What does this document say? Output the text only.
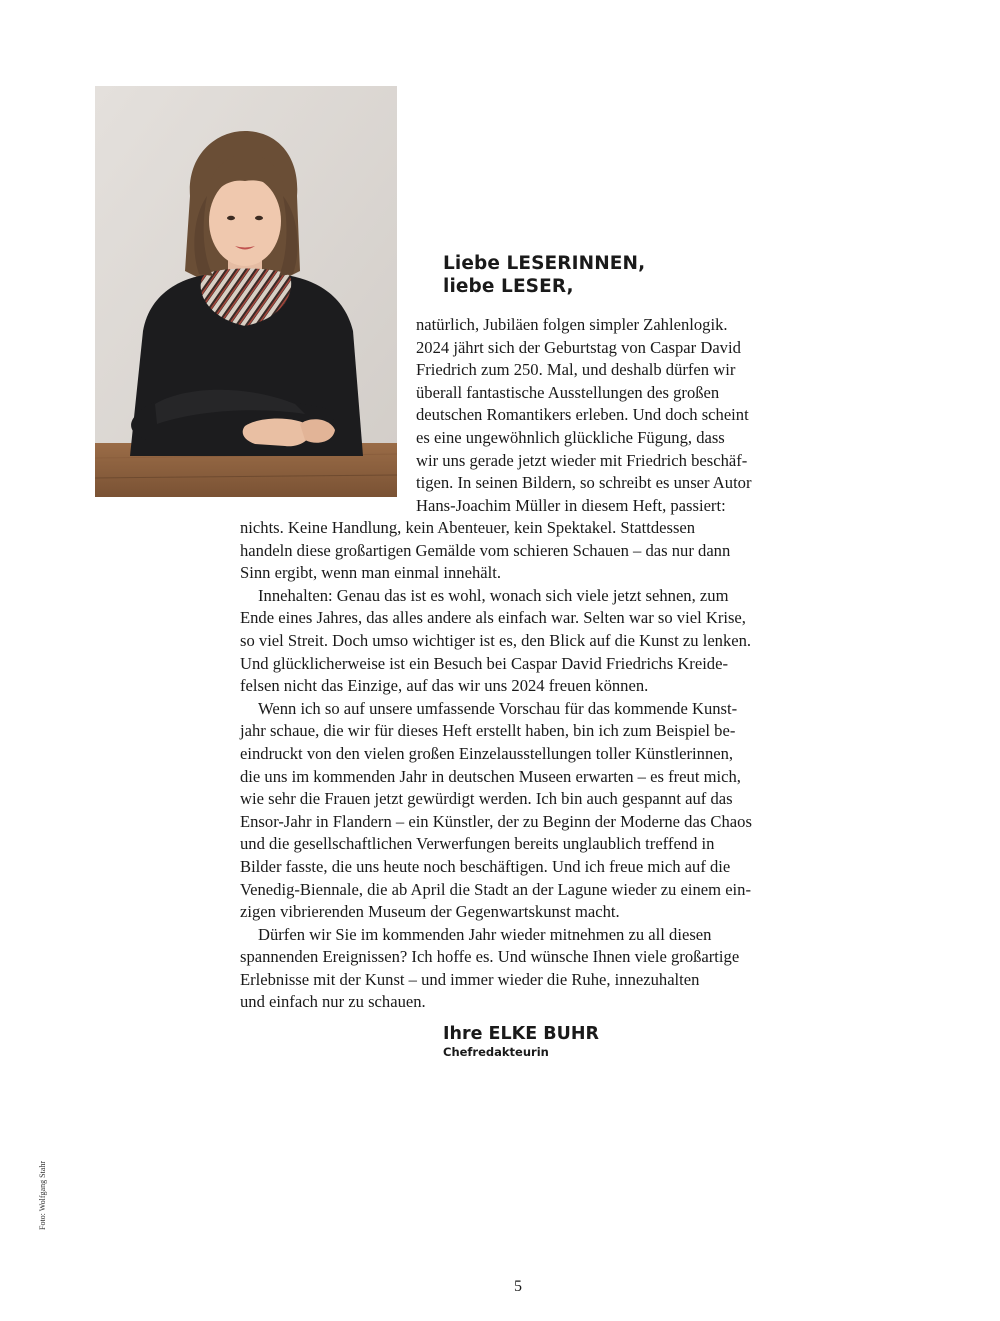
Liebe LESERINNEN,
liebe LESER,
natürlich, Jubiläen folgen simpler Zahlenlogik.
2024 jährt sich der Geburtstag von Caspar David
Friedrich zum 250. Mal, und deshalb dürfen wir
überall fantastische Ausstellungen des großen
deutschen Romantikers erleben. Und doch scheint
es eine ungewöhnlich glückliche Fügung, dass
wir uns gerade jetzt wieder mit Friedrich beschäf-
tigen. In seinen Bildern, so schreibt es unser Autor
Hans-Joachim Müller in diesem Heft, passiert:
nichts. Keine Handlung, kein Abenteuer, kein Spektakel. Stattdessen
handeln diese großartigen Gemälde vom schieren Schauen – das nur dann
Sinn ergibt, wenn man einmal innehält.
Innehalten: Genau das ist es wohl, wonach sich viele jetzt sehnen, zum
Ende eines Jahres, das alles andere als einfach war. Selten war so viel Krise,
so viel Streit. Doch umso wichtiger ist es, den Blick auf die Kunst zu lenken.
Und glücklicherweise ist ein Besuch bei Caspar David Friedrichs Kreide-
felsen nicht das Einzige, auf das wir uns 2024 freuen können.
Wenn ich so auf unsere umfassende Vorschau für das kommende Kunst-
jahr schaue, die wir für dieses Heft erstellt haben, bin ich zum Beispiel be-
eindruckt von den vielen großen Einzelausstellungen toller Künstlerinnen,
die uns im kommenden Jahr in deutschen Museen erwarten – es freut mich,
wie sehr die Frauen jetzt gewürdigt werden. Ich bin auch gespannt auf das
Ensor-Jahr in Flandern – ein Künstler, der zu Beginn der Moderne das Chaos
und die gesellschaftlichen Verwerfungen bereits unglaublich treffend in
Bilder fasste, die uns heute noch beschäftigen. Und ich freue mich auf die
Venedig-Biennale, die ab April die Stadt an der Lagune wieder zu einem ein-
zigen vibrierenden Museum der Gegenwartskunst macht.
Dürfen wir Sie im kommenden Jahr wieder mitnehmen zu all diesen
spannenden Ereignissen? Ich hoffe es. Und wünsche Ihnen viele großartige
Erlebnisse mit der Kunst – und immer wieder die Ruhe, innezuhalten
und einfach nur zu schauen.
Ihre ELKE BUHR
Chefredakteurin
Foto: Wolfgang Stahr
5
